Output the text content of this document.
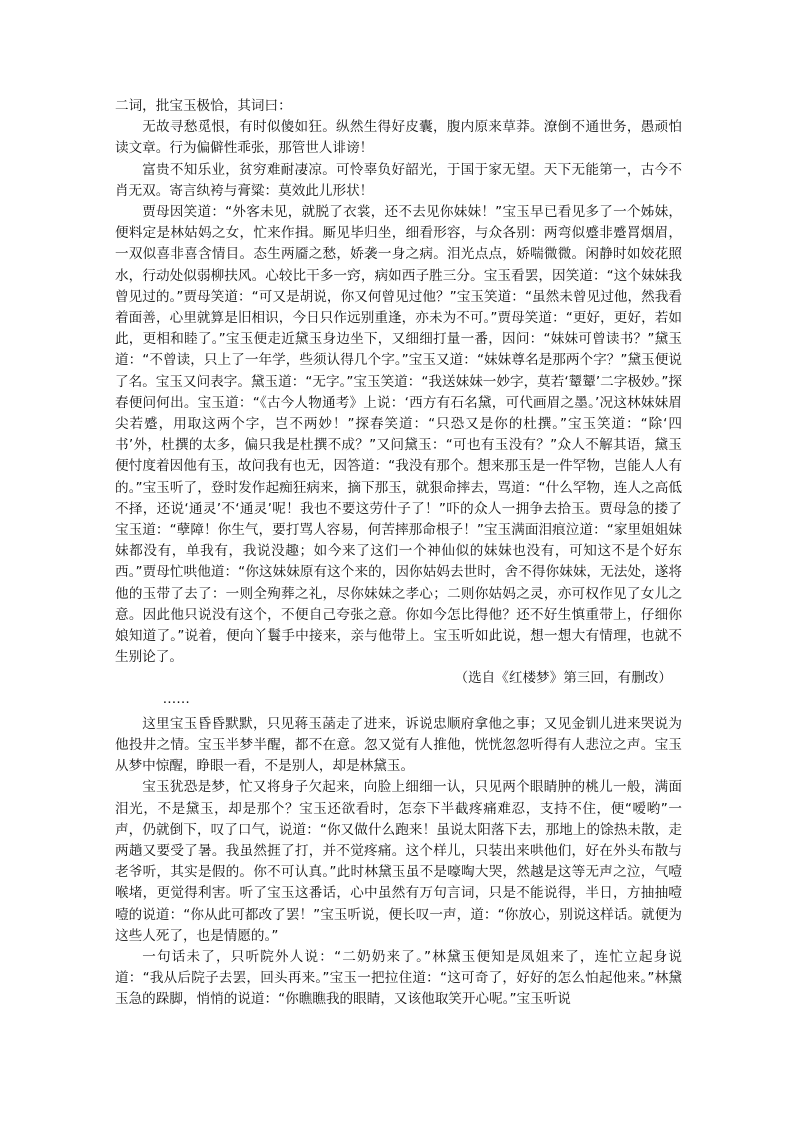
二词，批宝玉极恰，其词曰：

无故寻愁觅恨，有时似傻如狂。纵然生得好皮囊，腹内原来草莽。潦倒不通世务，愚顽怕读文章。行为偏僻性乖张，那管世人诽谤！

富贵不知乐业，贫穷难耐凄凉。可怜辜负好韶光，于国于家无望。天下无能第一，古今不肖无双。寄言纨袴与膏粱：莫效此儿形状！

贾母因笑道：“外客未见，就脱了衣裳，还不去见你妹妹！”宝玉早已看见多了一个姊妹，便料定是林姑妈之女，忙来作揖。厮见毕归坐，细看形容，与众各别：两弯似蹙非蹙罥烟眉，一双似喜非喜含情目。态生两靥之愁，娇袭一身之病。泪光点点，娇喘微微。闲静时如姣花照水，行动处似弱柳扶风。心较比干多一窍，病如西子胜三分。宝玉看罢，因笑道：“这个妹妹我曾见过的。”贾母笑道：“可又是胡说，你又何曾见过他？”宝玉笑道：“虽然未曾见过他，然我看着面善，心里就算是旧相识，今日只作远别重逢，亦未为不可。”贾母笑道：“更好，更好，若如此，更相和睦了。”宝玉便走近黛玉身边坐下，又细细打量一番，因问：“妹妹可曾读书？”黛玉道：“不曾读，只上了一年学，些须认得几个字。”宝玉又道：“妹妹尊名是那两个字？”黛玉便说了名。宝玉又问表字。黛玉道：“无字。”宝玉笑道：“我送妹妹一妙字，莫若‘颦颦’二字极妙。”探春便问何出。宝玉道：“《古今人物通考》上说：‘西方有石名黛，可代画眉之墨。’况这林妹妹眉尖若蹙，用取这两个字，岂不两妙！”探春笑道：“只恐又是你的杜撰。”宝玉笑道：“除‘四书’外，杜撰的太多，偏只我是杜撰不成？”又问黛玉：“可也有玉没有？”众人不解其语，黛玉便忖度着因他有玉，故问我有也无，因答道：“我没有那个。想来那玉是一件罕物，岂能人人有的。”宝玉听了，登时发作起痴狂病来，摘下那玉，就狠命摔去，骂道：“什么罕物，连人之高低不择，还说‘通灵’不‘通灵’呢！我也不要这劳什子了！”吓的众人一拥争去拾玉。贾母急的搂了宝玉道：“孽障！你生气，要打骂人容易，何苦摔那命根子！”宝玉满面泪痕泣道：“家里姐姐妹妹都没有，单我有，我说没趣；如今来了这们一个神仙似的妹妹也没有，可知这不是个好东西。”贾母忙哄他道：“你这妹妹原有这个来的，因你姑妈去世时，舍不得你妹妹，无法处，遂将他的玉带了去了：一则全殉葬之礼，尽你妹妹之孝心；二则你姑妈之灵，亦可权作见了女儿之意。因此他只说没有这个，不便自己夸张之意。你如今怎比得他？还不好生慎重带上，仔细你娘知道了。”说着，便向丫鬟手中接来，亲与他带上。宝玉听如此说，想一想大有情理，也就不生别论了。

（选自《红楼梦》第三回，有删改）

……

这里宝玉昏昏默默，只见蒋玉菡走了进来，诉说忠顺府拿他之事；又见金钏儿进来哭说为他投井之情。宝玉半梦半醒，都不在意。忽又觉有人推他，恍恍忽忽听得有人悲泣之声。宝玉从梦中惊醒，睁眼一看，不是别人，却是林黛玉。

宝玉犹恐是梦，忙又将身子欠起来，向脸上细细一认，只见两个眼睛肿的桃儿一般，满面泪光，不是黛玉，却是那个？宝玉还欲看时，怎奈下半截疼痛难忍，支持不住，便“嗳哟”一声，仍就倒下，叹了口气，说道：“你又做什么跑来！虽说太阳落下去，那地上的馀热未散，走两趟又要受了暑。我虽然捱了打，并不觉疼痛。这个样儿，只装出来哄他们，好在外头布散与老爷听，其实是假的。你不可认真。”此时林黛玉虽不是嚎啕大哭，然越是这等无声之泣，气噎喉堵，更觉得利害。听了宝玉这番话，心中虽然有万句言词，只是不能说得，半日，方抽抽噎噎的说道：“你从此可都改了罢！”宝玉听说，便长叹一声，道：“你放心，别说这样话。就便为这些人死了，也是情愿的。”

一句话未了，只听院外人说：“二奶奶来了。”林黛玉便知是凤姐来了，连忙立起身说道：“我从后院子去罢，回头再来。”宝玉一把拉住道：“这可奇了，好好的怎么怕起他来。”林黛玉急的跺脚，悄悄的说道：“你瞧瞧我的眼睛，又该他取笑开心呢。”宝玉听说
